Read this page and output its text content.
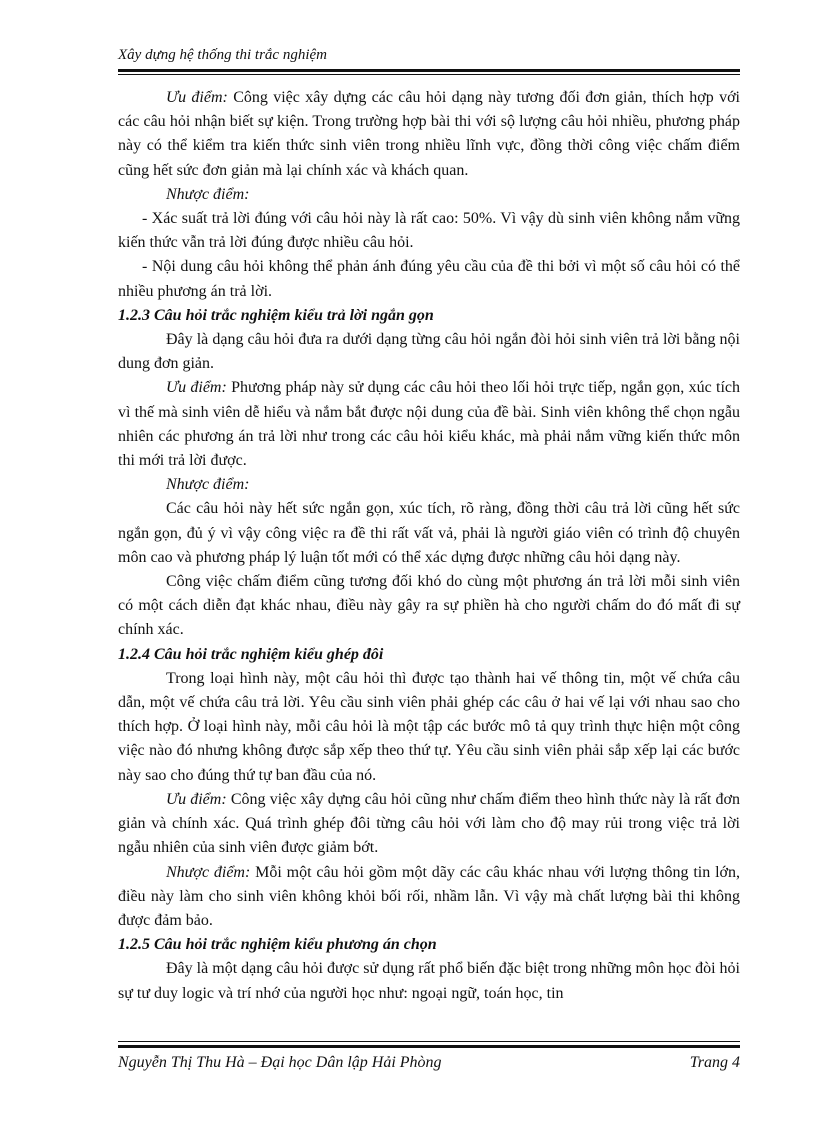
Xây dựng hệ thống thi trắc nghiệm

Ưu điểm: Công việc xây dựng các câu hỏi dạng này tương đối đơn giản, thích hợp với các câu hỏi nhận biết sự kiện. Trong trường hợp bài thi với sộ lượng câu hỏi nhiều, phương pháp này có thể kiểm tra kiến thức sinh viên trong nhiều lĩnh vực, đồng thời công việc chấm điểm cũng hết sức đơn giản mà lại chính xác và khách quan.

Nhược điểm:

- Xác suất trả lời đúng với câu hỏi này là rất cao: 50%. Vì vậy dù sinh viên không nắm vững kiến thức vẫn trả lời đúng được nhiều câu hỏi.

- Nội dung câu hỏi không thể phản ánh đúng yêu cầu của đề thi bởi vì một số câu hỏi có thể nhiều phương án trả lời.

1.2.3 Câu hỏi trắc nghiệm kiểu trả lời ngắn gọn

Đây là dạng câu hỏi đưa ra dưới dạng từng câu hỏi ngắn đòi hỏi sinh viên trả lời bằng nội dung đơn giản.

Ưu điểm: Phương pháp này sử dụng các câu hỏi theo lối hỏi trực tiếp, ngắn gọn, xúc tích vì thế mà sinh viên dễ hiểu và nắm bắt được nội dung của đề bài. Sinh viên không thể chọn ngẫu nhiên các phương án trả lời như trong các câu hỏi kiểu khác, mà phải nắm vững kiến thức môn thi mới trả lời được.

Nhược điểm:

Các câu hỏi này hết sức ngắn gọn, xúc tích, rõ ràng, đồng thời câu trả lời cũng hết sức ngắn gọn, đủ ý vì vậy công việc ra đề thi rất vất vả, phải là người giáo viên có trình độ chuyên môn cao và phương pháp lý luận tốt mới có thể xác dựng được những câu hỏi dạng này.

Công việc chấm điểm cũng tương đối khó do cùng một phương án trả lời mỗi sinh viên có một cách diễn đạt khác nhau, điều này gây ra sự phiền hà cho người chấm do đó mất đi sự chính xác.

1.2.4 Câu hỏi trắc nghiệm kiểu ghép đôi

Trong loại hình này, một câu hỏi thì được tạo thành hai vế thông tin, một vế chứa câu dẫn, một vế chứa câu trả lời. Yêu cầu sinh viên phải ghép các câu ở hai vế lại với nhau sao cho thích hợp. Ở loại hình này, mỗi câu hỏi là một tập các bước mô tả quy trình thực hiện một công việc nào đó nhưng không được sắp xếp theo thứ tự. Yêu cầu sinh viên phải sắp xếp lại các bước này sao cho đúng thứ tự ban đầu của nó.

Ưu điểm: Công việc xây dựng câu hỏi cũng như chấm điểm theo hình thức này là rất đơn giản và chính xác. Quá trình ghép đôi từng câu hỏi với làm cho độ may rủi trong việc trả lời ngẫu nhiên của sinh viên được giảm bớt.

Nhược điểm: Mỗi một câu hỏi gồm một dãy các câu khác nhau với lượng thông tin lớn, điều này làm cho sinh viên không khỏi bối rối, nhầm lẫn. Vì vậy mà chất lượng bài thi không được đảm bảo.

1.2.5 Câu hỏi trắc nghiệm kiểu phương án chọn

Đây là một dạng câu hỏi được sử dụng rất phổ biến đặc biệt trong những môn học đòi hỏi sự tư duy logic và trí nhớ của người học như: ngoại ngữ, toán học, tin

Nguyễn Thị Thu Hà – Đại học Dân lập Hải Phòng	Trang 4
